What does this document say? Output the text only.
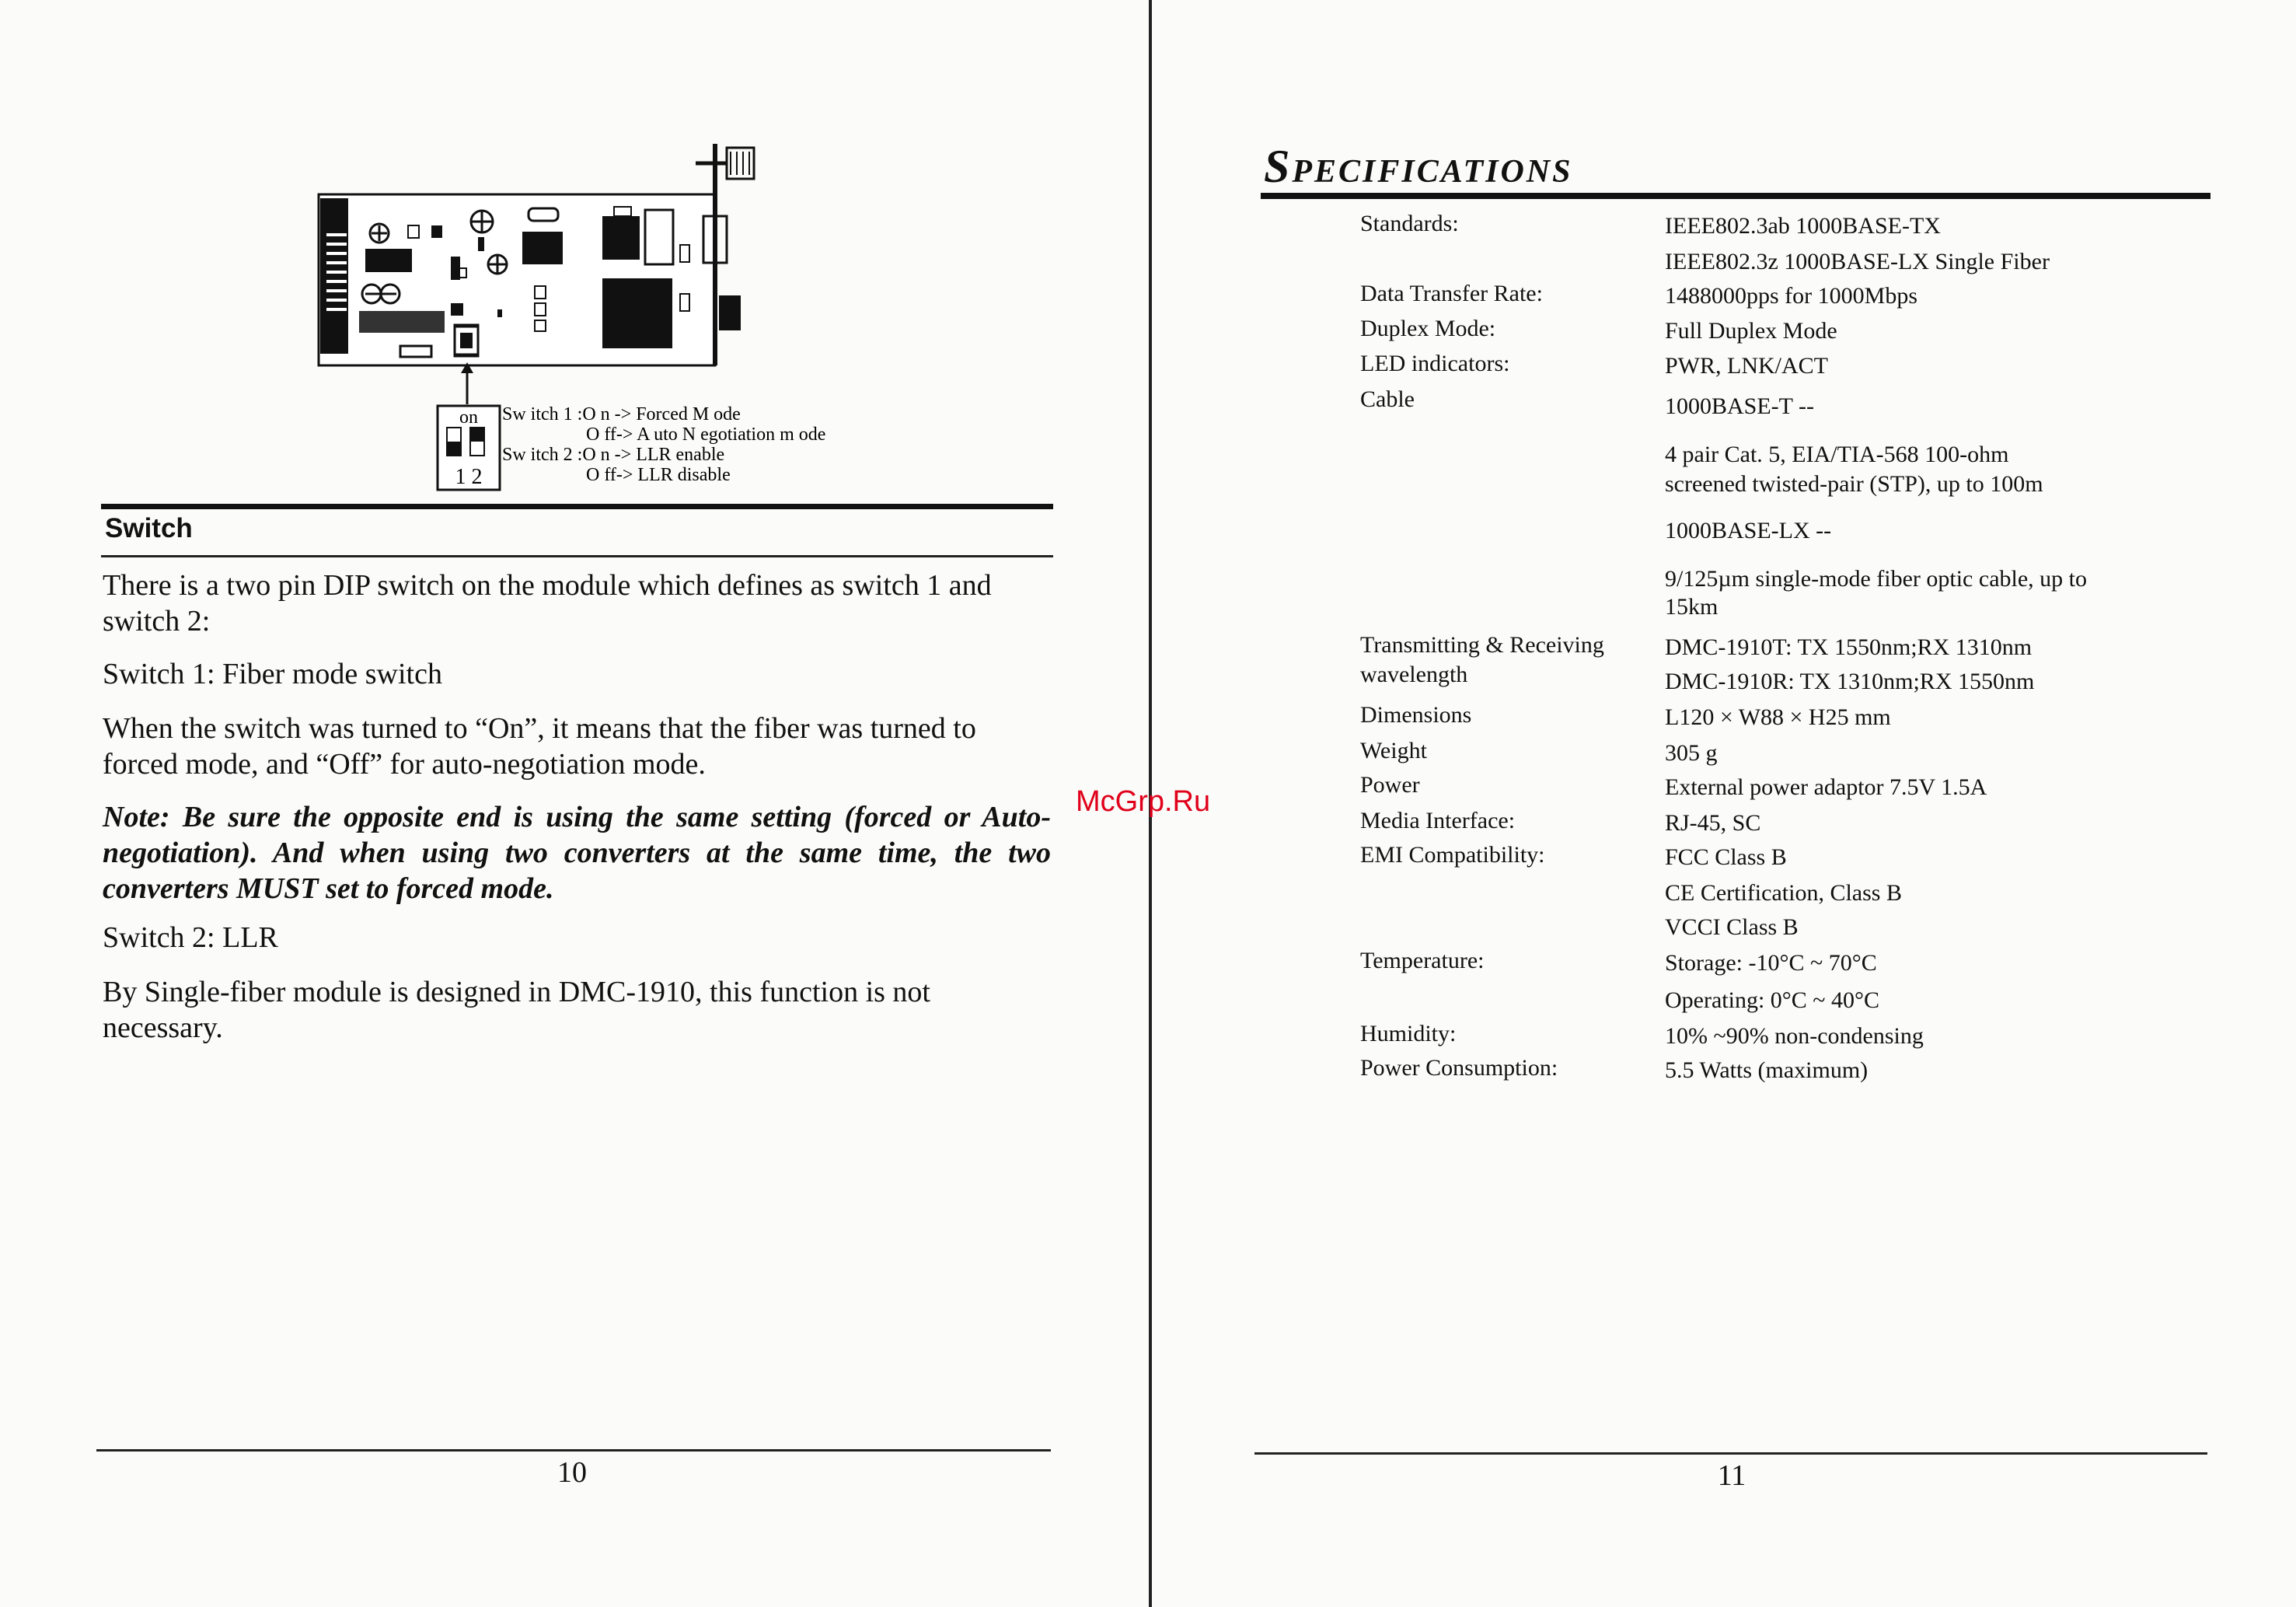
on
1 2
Sw itch 1 :O n -> Forced M ode
O ff-> A uto N egotiation m ode
Sw itch 2 :O n -> LLR enable
O ff-> LLR disable
Switch

There is a two pin DIP switch on the module which defines as switch 1 and switch 2:

Switch 1: Fiber mode switch

When the switch was turned to “On”, it means that the fiber was turned to forced mode, and “Off” for auto-negotiation mode.

Note: Be sure the opposite end is using the same setting (forced or Auto-negotiation). And when using two converters at the same time, the two converters MUST set to forced mode.

Switch 2: LLR

By Single-fiber module is designed in DMC-1910, this function is not necessary.

10

Specifications

Standards:

Data Transfer Rate:

Duplex Mode:

LED indicators:

Cable

Transmitting & Receiving

wavelength

Dimensions

Weight

Power

Media Interface:

EMI Compatibility:

Temperature:

Humidity:

Power Consumption:

IEEE802.3ab 1000BASE-TX

IEEE802.3z 1000BASE-LX Single Fiber

1488000pps for 1000Mbps

Full Duplex Mode

PWR, LNK/ACT

1000BASE-T --

4 pair Cat. 5, EIA/TIA-568 100-ohm

screened twisted-pair (STP), up to 100m

1000BASE-LX --

9/125µm single-mode fiber optic cable, up to

15km

DMC-1910T: TX 1550nm;RX 1310nm

DMC-1910R: TX 1310nm;RX 1550nm

L120 × W88 × H25 mm

305 g

External power adaptor 7.5V 1.5A

RJ-45, SC

FCC Class B

CE Certification, Class B

VCCI Class B

Storage: -10°C ~ 70°C

Operating: 0°C ~ 40°C

10% ~90% non-condensing

5.5 Watts (maximum)

11

McGrp.Ru
